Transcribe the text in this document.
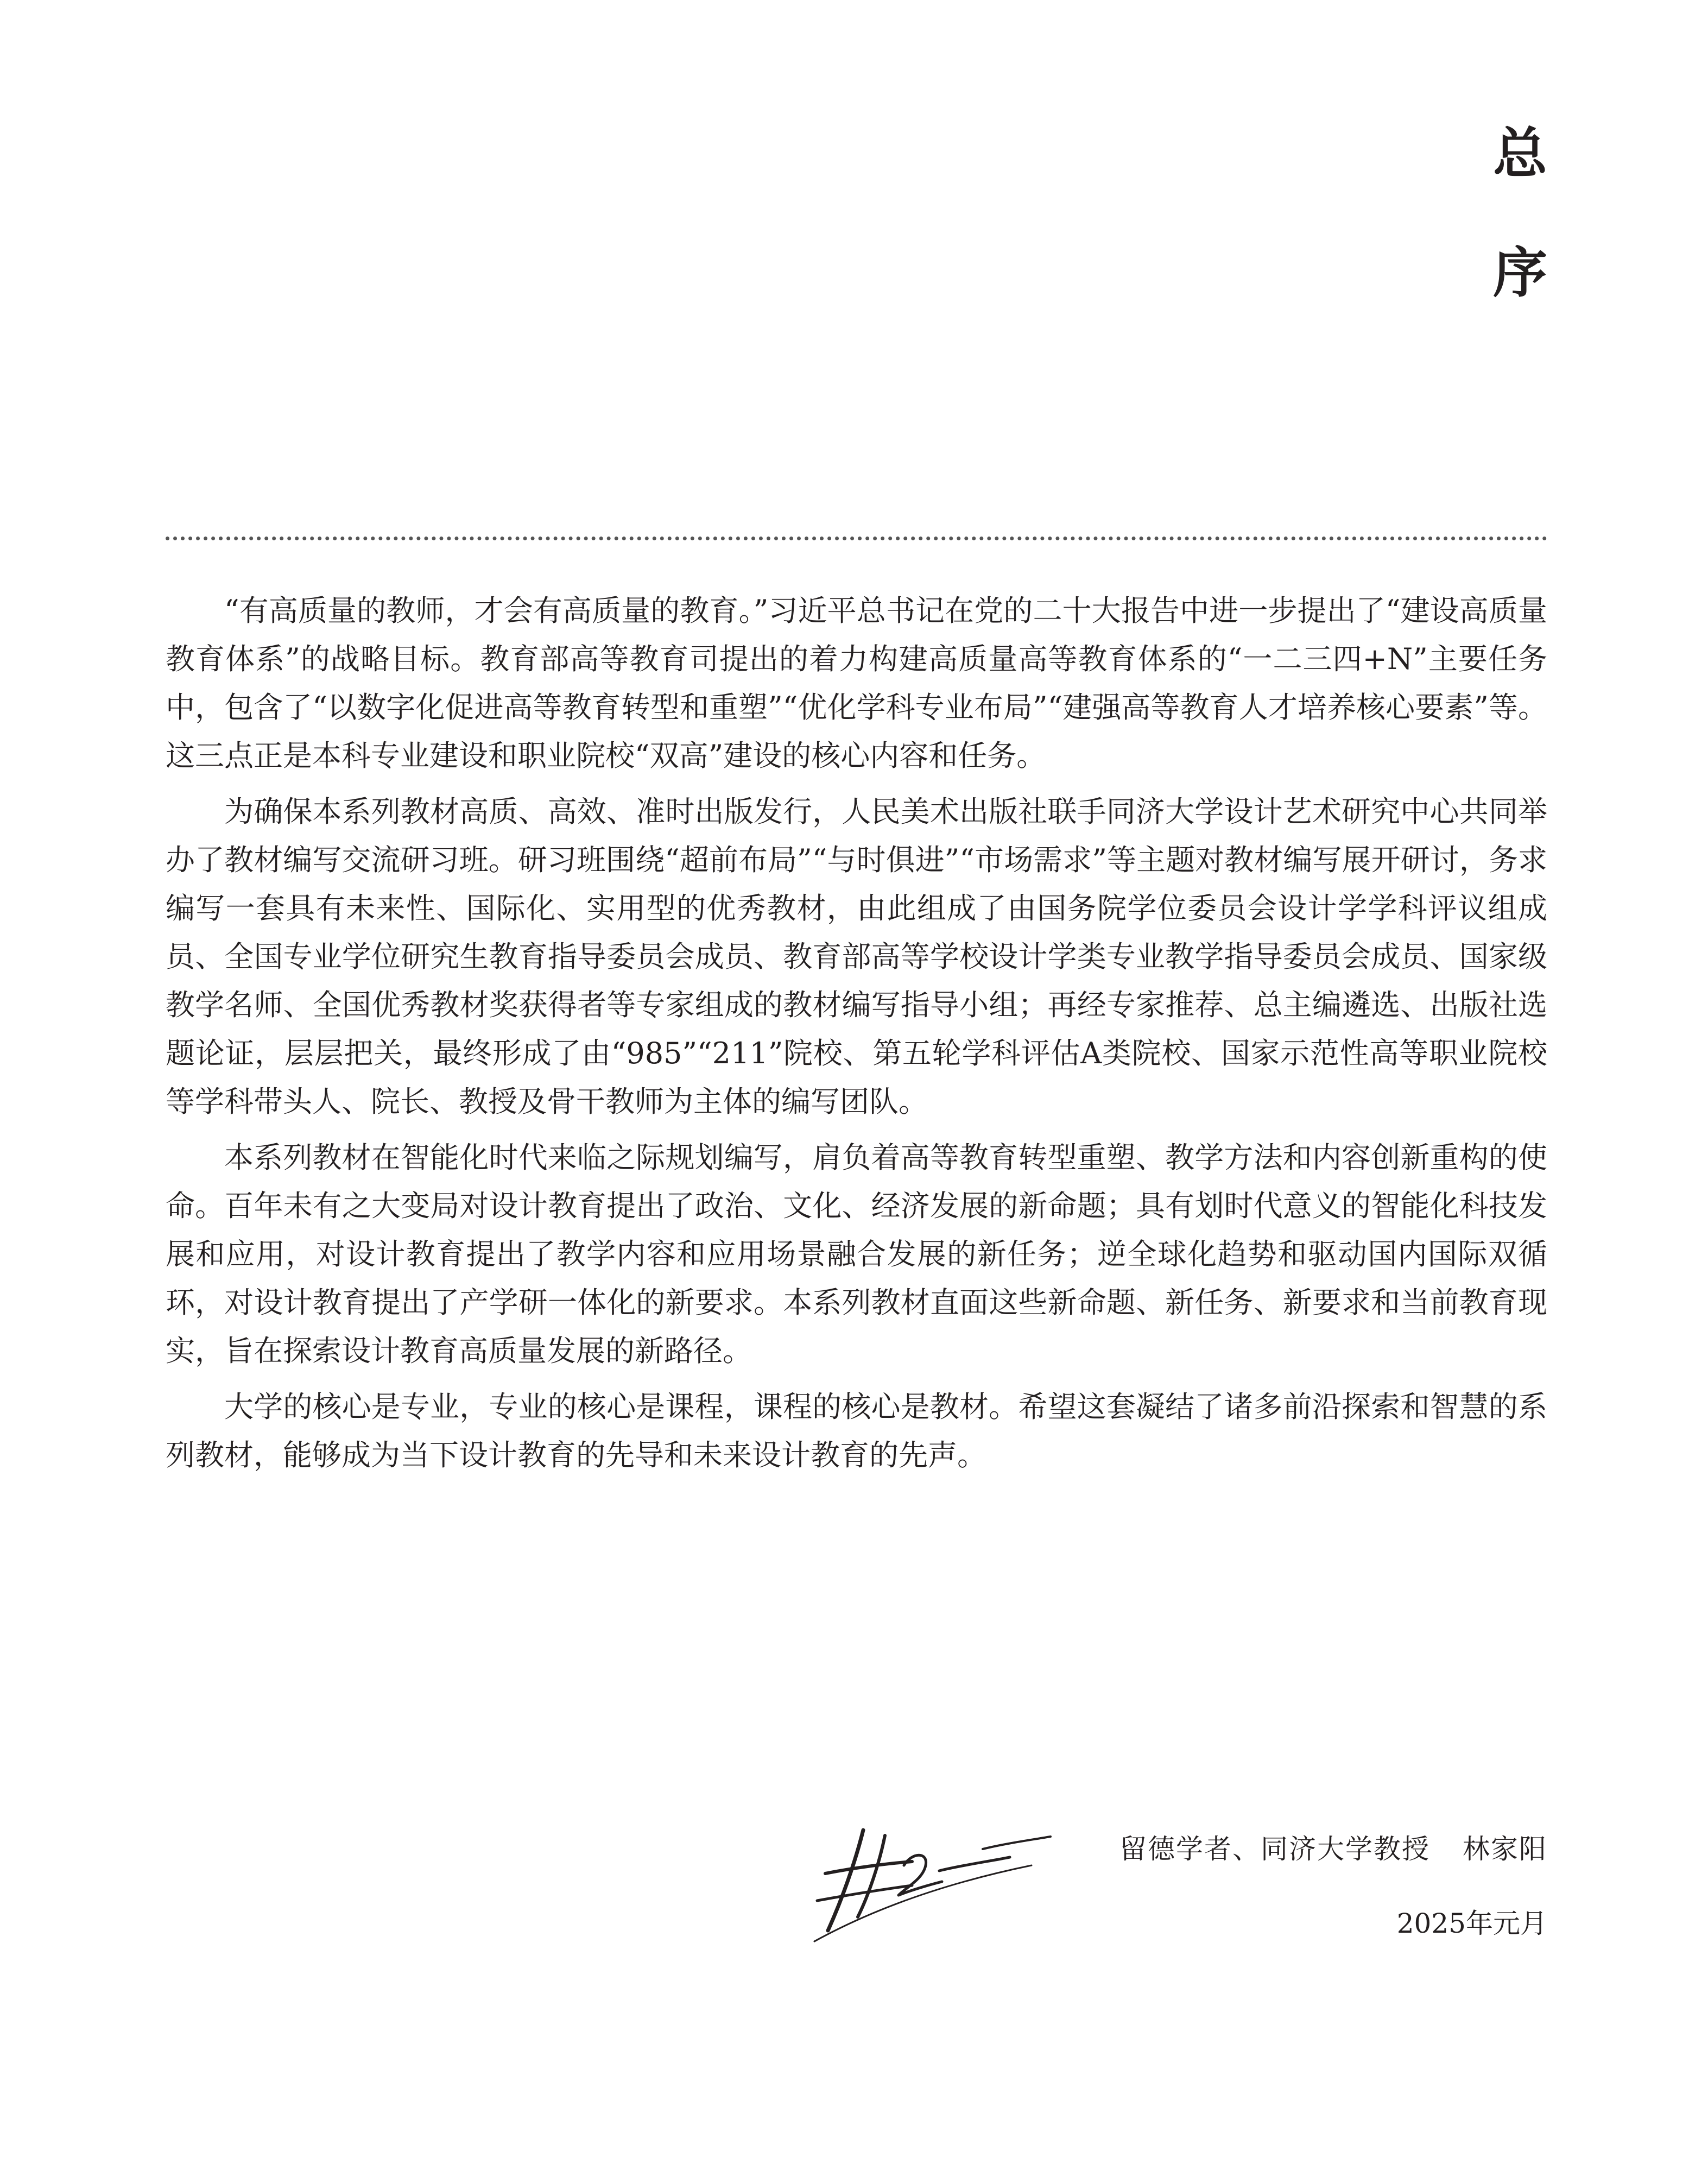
总
序

“有高质量的教师，才会有高质量的教育。”习近平总书记在党的二十大报告中进一步提出了“建设高质量教育体系”的战略目标。教育部高等教育司提出的着力构建高质量高等教育体系的“一二三四+N”主要任务中，包含了“以数字化促进高等教育转型和重塑”“优化学科专业布局”“建强高等教育人才培养核心要素”等。这三点正是本科专业建设和职业院校“双高”建设的核心内容和任务。

为确保本系列教材高质、高效、准时出版发行，人民美术出版社联手同济大学设计艺术研究中心共同举办了教材编写交流研习班。研习班围绕“超前布局”“与时俱进”“市场需求”等主题对教材编写展开研讨，务求编写一套具有未来性、国际化、实用型的优秀教材，由此组成了由国务院学位委员会设计学学科评议组成员、全国专业学位研究生教育指导委员会成员、教育部高等学校设计学类专业教学指导委员会成员、国家级教学名师、全国优秀教材奖获得者等专家组成的教材编写指导小组；再经专家推荐、总主编遴选、出版社选题论证，层层把关，最终形成了由“985”“211”院校、第五轮学科评估A类院校、国家示范性高等职业院校等学科带头人、院长、教授及骨干教师为主体的编写团队。

本系列教材在智能化时代来临之际规划编写，肩负着高等教育转型重塑、教学方法和内容创新重构的使命。百年未有之大变局对设计教育提出了政治、文化、经济发展的新命题；具有划时代意义的智能化科技发展和应用，对设计教育提出了教学内容和应用场景融合发展的新任务；逆全球化趋势和驱动国内国际双循环，对设计教育提出了产学研一体化的新要求。本系列教材直面这些新命题、新任务、新要求和当前教育现实，旨在探索设计教育高质量发展的新路径。

大学的核心是专业，专业的核心是课程，课程的核心是教材。希望这套凝结了诸多前沿探索和智慧的系列教材，能够成为当下设计教育的先导和未来设计教育的先声。

留德学者、同济大学教授 林家阳
2025年元月
